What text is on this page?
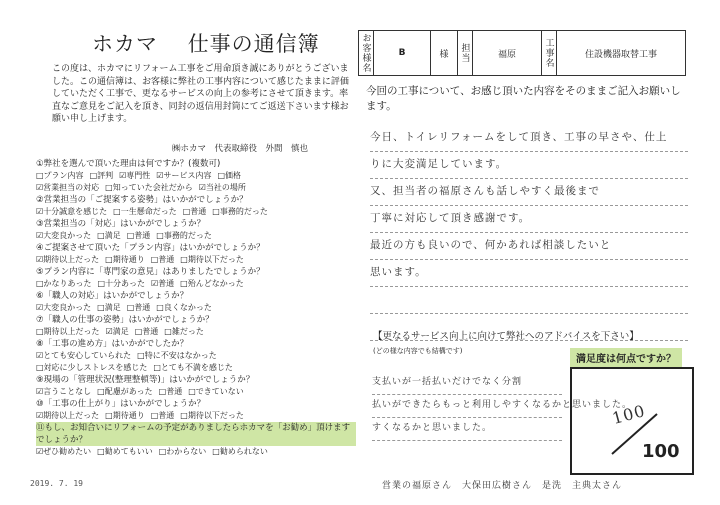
ホカマ 仕事の通信簿
この度は、ホカマにリフォーム工事をご用命頂き誠にありがとうございました。この通信簿は、お客様に弊社の工事内容について感じたままに評価していただく工事で、更なるサービスの向上の参考にさせて頂きます。率直なご意見をご記入を頂き、同封の返信用封筒にてご返送下さいます様お願い申し上げます。
㈱ホカマ　代表取締役　外間　慎也
①弊社を選んで頂いた理由は何ですか？(複数可)
□プラン内容 □評判 ☑専門性 ☑サービス内容 □価格
☑営業担当の対応 □知っていた会社だから ☑当社の場所
②営業担当の「ご提案する姿勢」はいかがでしょうか？
☑十分誠意を感じた □一生懸命だった □普通 □事務的だった
③営業担当の「対応」はいかがでしょうか？
☑大変良かった □満足 □普通 □事務的だった
④ご提案させて頂いた「プラン内容」はいかがでしょうか？
☑期待以上だった □期待通り □普通 □期待以下だった
⑤プラン内容に「専門家の意見」はありましたでしょうか？
□かなりあった □十分あった ☑普通 □殆んどなかった
⑥「職人の対応」はいかがでしょうか？
☑大変良かった □満足 □普通 □良くなかった
⑦「職人の仕事の姿勢」はいかがでしょうか？
□期待以上だった ☑満足 □普通 □雑だった
⑧「工事の進め方」はいかがでしたか？
☑とても安心していられた □特に不安はなかった
□対応に少しストレスを感じた □とても不満を感じた
⑨現場の「管理状況(整理整頓等)」はいかがでしょうか？
☑言うことなし □配慮があった □普通 □できていない
⑩「工事の仕上がり」はいかがでしょうか？
☑期待以上だった □期待通り □普通 □期待以下だった
⑪もし、お知合いにリフォームの予定がありましたらホカマを「お勧め」頂けますでしょうか？
☑ぜひ勧めたい □勧めてもいい □わからない □勧められない
2019. 7. 19
お客様名	B	様	担当	福原	工事名	住設機器取替工事
今回の工事について、お感じ頂いた内容をそのままご記入お願いします。
今日、トイレリフォームをして頂き、工事の早さや、仕上
りに大変満足しています。
又、担当者の福原さんも話しやすく最後まで
丁寧に対応して頂き感謝です。
最近の方も良いので、何かあれば相談したいと
思います。
【更なるサービス向上に向けて弊社へのアドバイスを下さい】
(どの様な内容でも結構です)
支払いが一括払いだけでなく分割
払いができたらもっと利用しやすくなるかと思いました。
すくなるかと思いました。
満足度は何点ですか？
100
100
営業の福原さん　大保田広樹さん　是洗　主典太さん
